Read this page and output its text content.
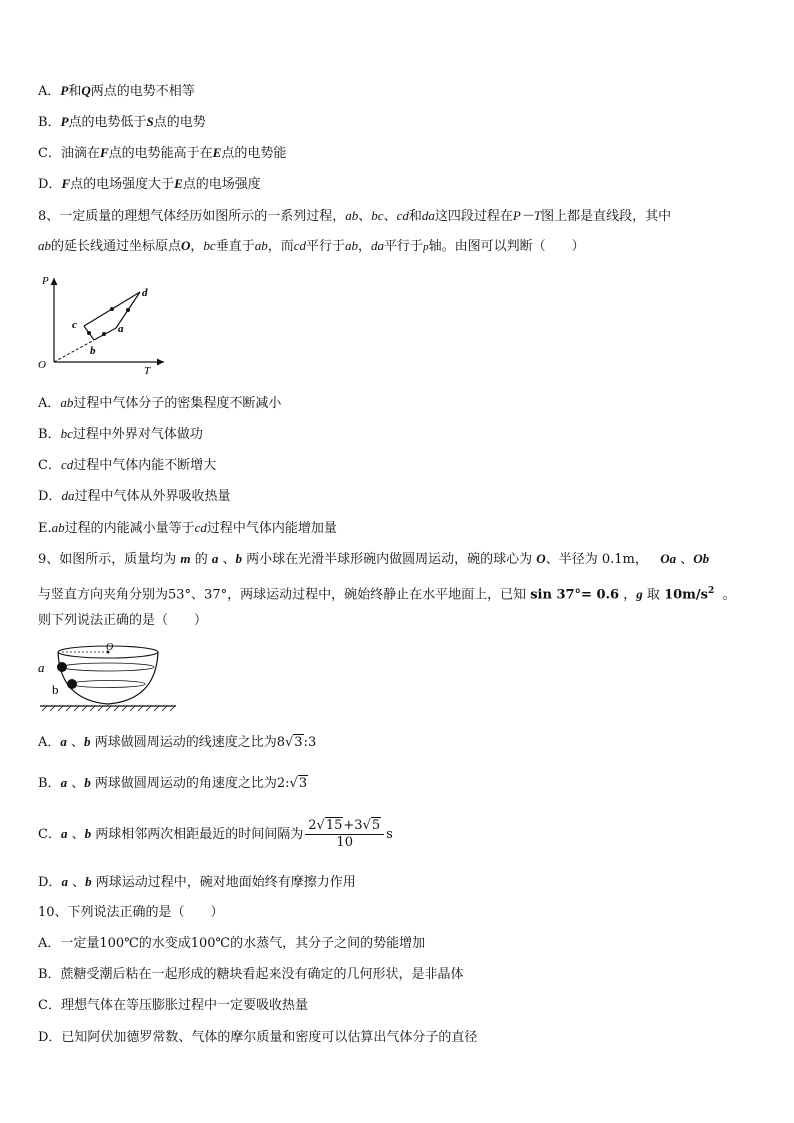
A．P和Q两点的电势不相等
B．P点的电势低于S点的电势
C．油滴在F点的电势能高于在E点的电势能
D．F点的电场强度大于E点的电场强度
8、一定质量的理想气体经历如图所示的一系列过程，ab、bc、cd和da这四段过程在P－T图上都是直线段，其中
ab的延长线通过坐标原点O，bc垂直于ab，而cd平行于ab，da平行于p轴。由图可以判断（　　）
P
T
O
a
b
c
d
A．ab过程中气体分子的密集程度不断减小
B．bc过程中外界对气体做功
C．cd过程中气体内能不断增大
D．da过程中气体从外界吸收热量
E.ab过程的内能减小量等于cd过程中气体内能增加量
9、如图所示，质量均为 m 的 a 、b 两小球在光滑半球形碗内做圆周运动，碗的球心为 O、半径为 0.1m， Oa 、Ob
与竖直方向夹角分别为53°、37°，两球运动过程中，碗始终静止在水平地面上，已知 sin 37°= 0.6 ，g 取 $10m/s^2$ 。
则下列说法正确的是（　　）
O
a
b
A．a 、b 两球做圆周运动的线速度之比为8√3:3
B．a 、b 两球做圆周运动的角速度之比为2:√3
C．a 、b 两球相邻两次相距最近的时间间隔为 $\frac{2√15+3√5}{10}$ s
D．a 、b 两球运动过程中，碗对地面始终有摩擦力作用
10、下列说法正确的是（　　）
A．一定量100℃的水变成100℃的水蒸气，其分子之间的势能增加
B．蔗糖受潮后粘在一起形成的糖块看起来没有确定的几何形状，是非晶体
C．理想气体在等压膨胀过程中一定要吸收热量
D．已知阿伏加德罗常数、气体的摩尔质量和密度可以估算出气体分子的直径
